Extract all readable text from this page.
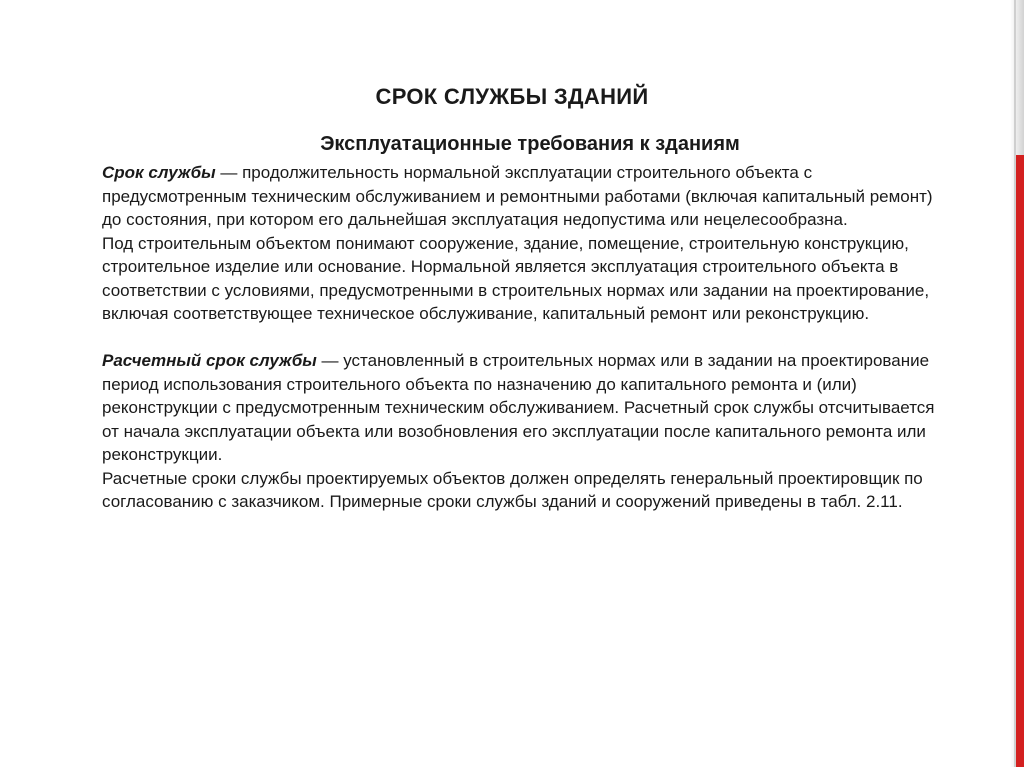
СРОК СЛУЖБЫ ЗДАНИЙ
Эксплуатационные требования к зданиям

Срок службы — продолжительность нормальной эксплуатации строительного объекта с предусмотренным техническим обслуживанием и ремонтными работами (включая капитальный ремонт) до состояния, при котором его дальнейшая эксплуатация недопустима или нецелесообразна.

Под строительным объектом понимают сооружение, здание, помещение, строительную конструкцию, строительное изделие или основание. Нормальной является эксплуатация строительного объекта в соответствии с условиями, предусмотренными в строительных нормах или задании на проектирование, включая соответствующее техническое обслуживание, капитальный ремонт или реконструкцию.

Расчетный срок службы — установленный в строительных нормах или в задании на проектирование период использования строительного объекта по назначению до капитального ремонта и (или) реконструкции с предусмотренным техническим обслуживанием. Расчетный срок службы отсчитывается от начала эксплуатации объекта или возобновления его эксплуатации после капитального ремонта или реконструкции.

Расчетные сроки службы проектируемых объектов должен определять генеральный проектировщик по согласованию с заказчиком. Примерные сроки службы зданий и сооружений приведены в табл. 2.11.
